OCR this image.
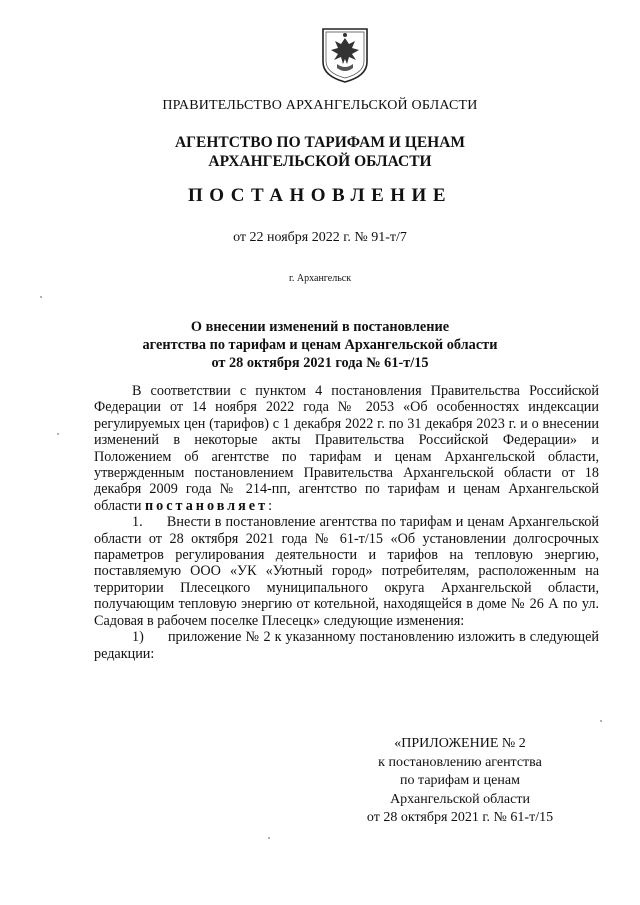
ПРАВИТЕЛЬСТВО АРХАНГЕЛЬСКОЙ ОБЛАСТИ
АГЕНТСТВО ПО ТАРИФАМ И ЦЕНАМ
АРХАНГЕЛЬСКОЙ ОБЛАСТИ
ПОСТАНОВЛЕНИЕ
от 22 ноября 2022 г. № 91-т/7
г. Архангельск
О внесении изменений в постановление
агентства по тарифам и ценам Архангельской области
от 28 октября 2021 года № 61-т/15

В соответствии с пунктом 4 постановления Правительства Российской Федерации от 14 ноября 2022 года № 2053 «Об особенностях индексации регулируемых цен (тарифов) с 1 декабря 2022 г. по 31 декабря 2023 г. и о внесении изменений в некоторые акты Правительства Российской Федерации» и Положением об агентстве по тарифам и ценам Архангельской области, утвержденным постановлением Правительства Архангельской области от 18 декабря 2009 года № 214-пп, агентство по тарифам и ценам Архангельской области постановляет:

1. Внести в постановление агентства по тарифам и ценам Архангельской области от 28 октября 2021 года № 61-т/15 «Об установлении долгосрочных параметров регулирования деятельности и тарифов на тепловую энергию, поставляемую ООО «УК «Уютный город» потребителям, расположенным на территории Плесецкого муниципального округа Архангельской области, получающим тепловую энергию от котельной, находящейся в доме № 26 А по ул. Садовая в рабочем поселке Плесецк» следующие изменения:

1) приложение № 2 к указанному постановлению изложить в следующей редакции:

«ПРИЛОЖЕНИЕ № 2
к постановлению агентства
по тарифам и ценам
Архангельской области
от 28 октября 2021 г. № 61-т/15
